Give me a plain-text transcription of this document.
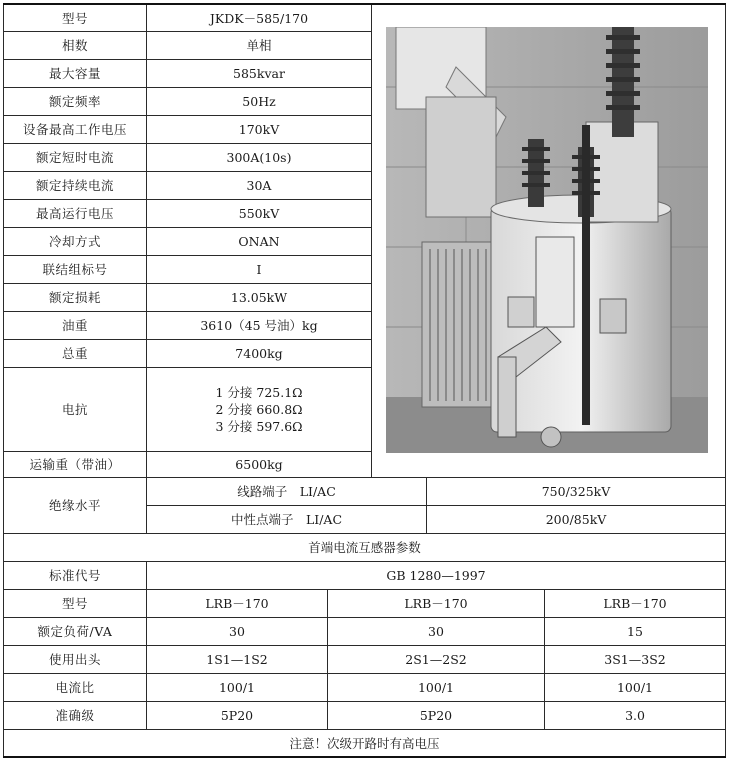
型号	JKDK－585/170				
相数	单相				
最大容量	585kvar				
额定频率	50Hz				
设备最高工作电压	170kV				
额定短时电流	300A(10s)				
额定持续电流	30A				
最高运行电压	550kV				
冷却方式	ONAN				
联结组标号	I				
额定损耗	13.05kW				
油重	3610（45 号油）kg				
总重	7400kg				
电抗	1 分接 725.1Ω
2 分接 660.8Ω
3 分接 597.6Ω				

运输重（带油）	6500kg				
绝缘水平	线路端子　LI/AC			750/325kV	
	中性点端子　LI/AC			200/85kV	
首端电流互感器参数					
标准代号	GB 1280—1997				
型号	LRB－170	LRB－170			LRB－170
额定负荷/VA	30	30			15
使用出头	1S1—1S2	2S1—2S2			3S1—3S2
电流比	100/1	100/1			100/1
准确级	5P20	5P20			3.0
注意！次级开路时有高电压					
